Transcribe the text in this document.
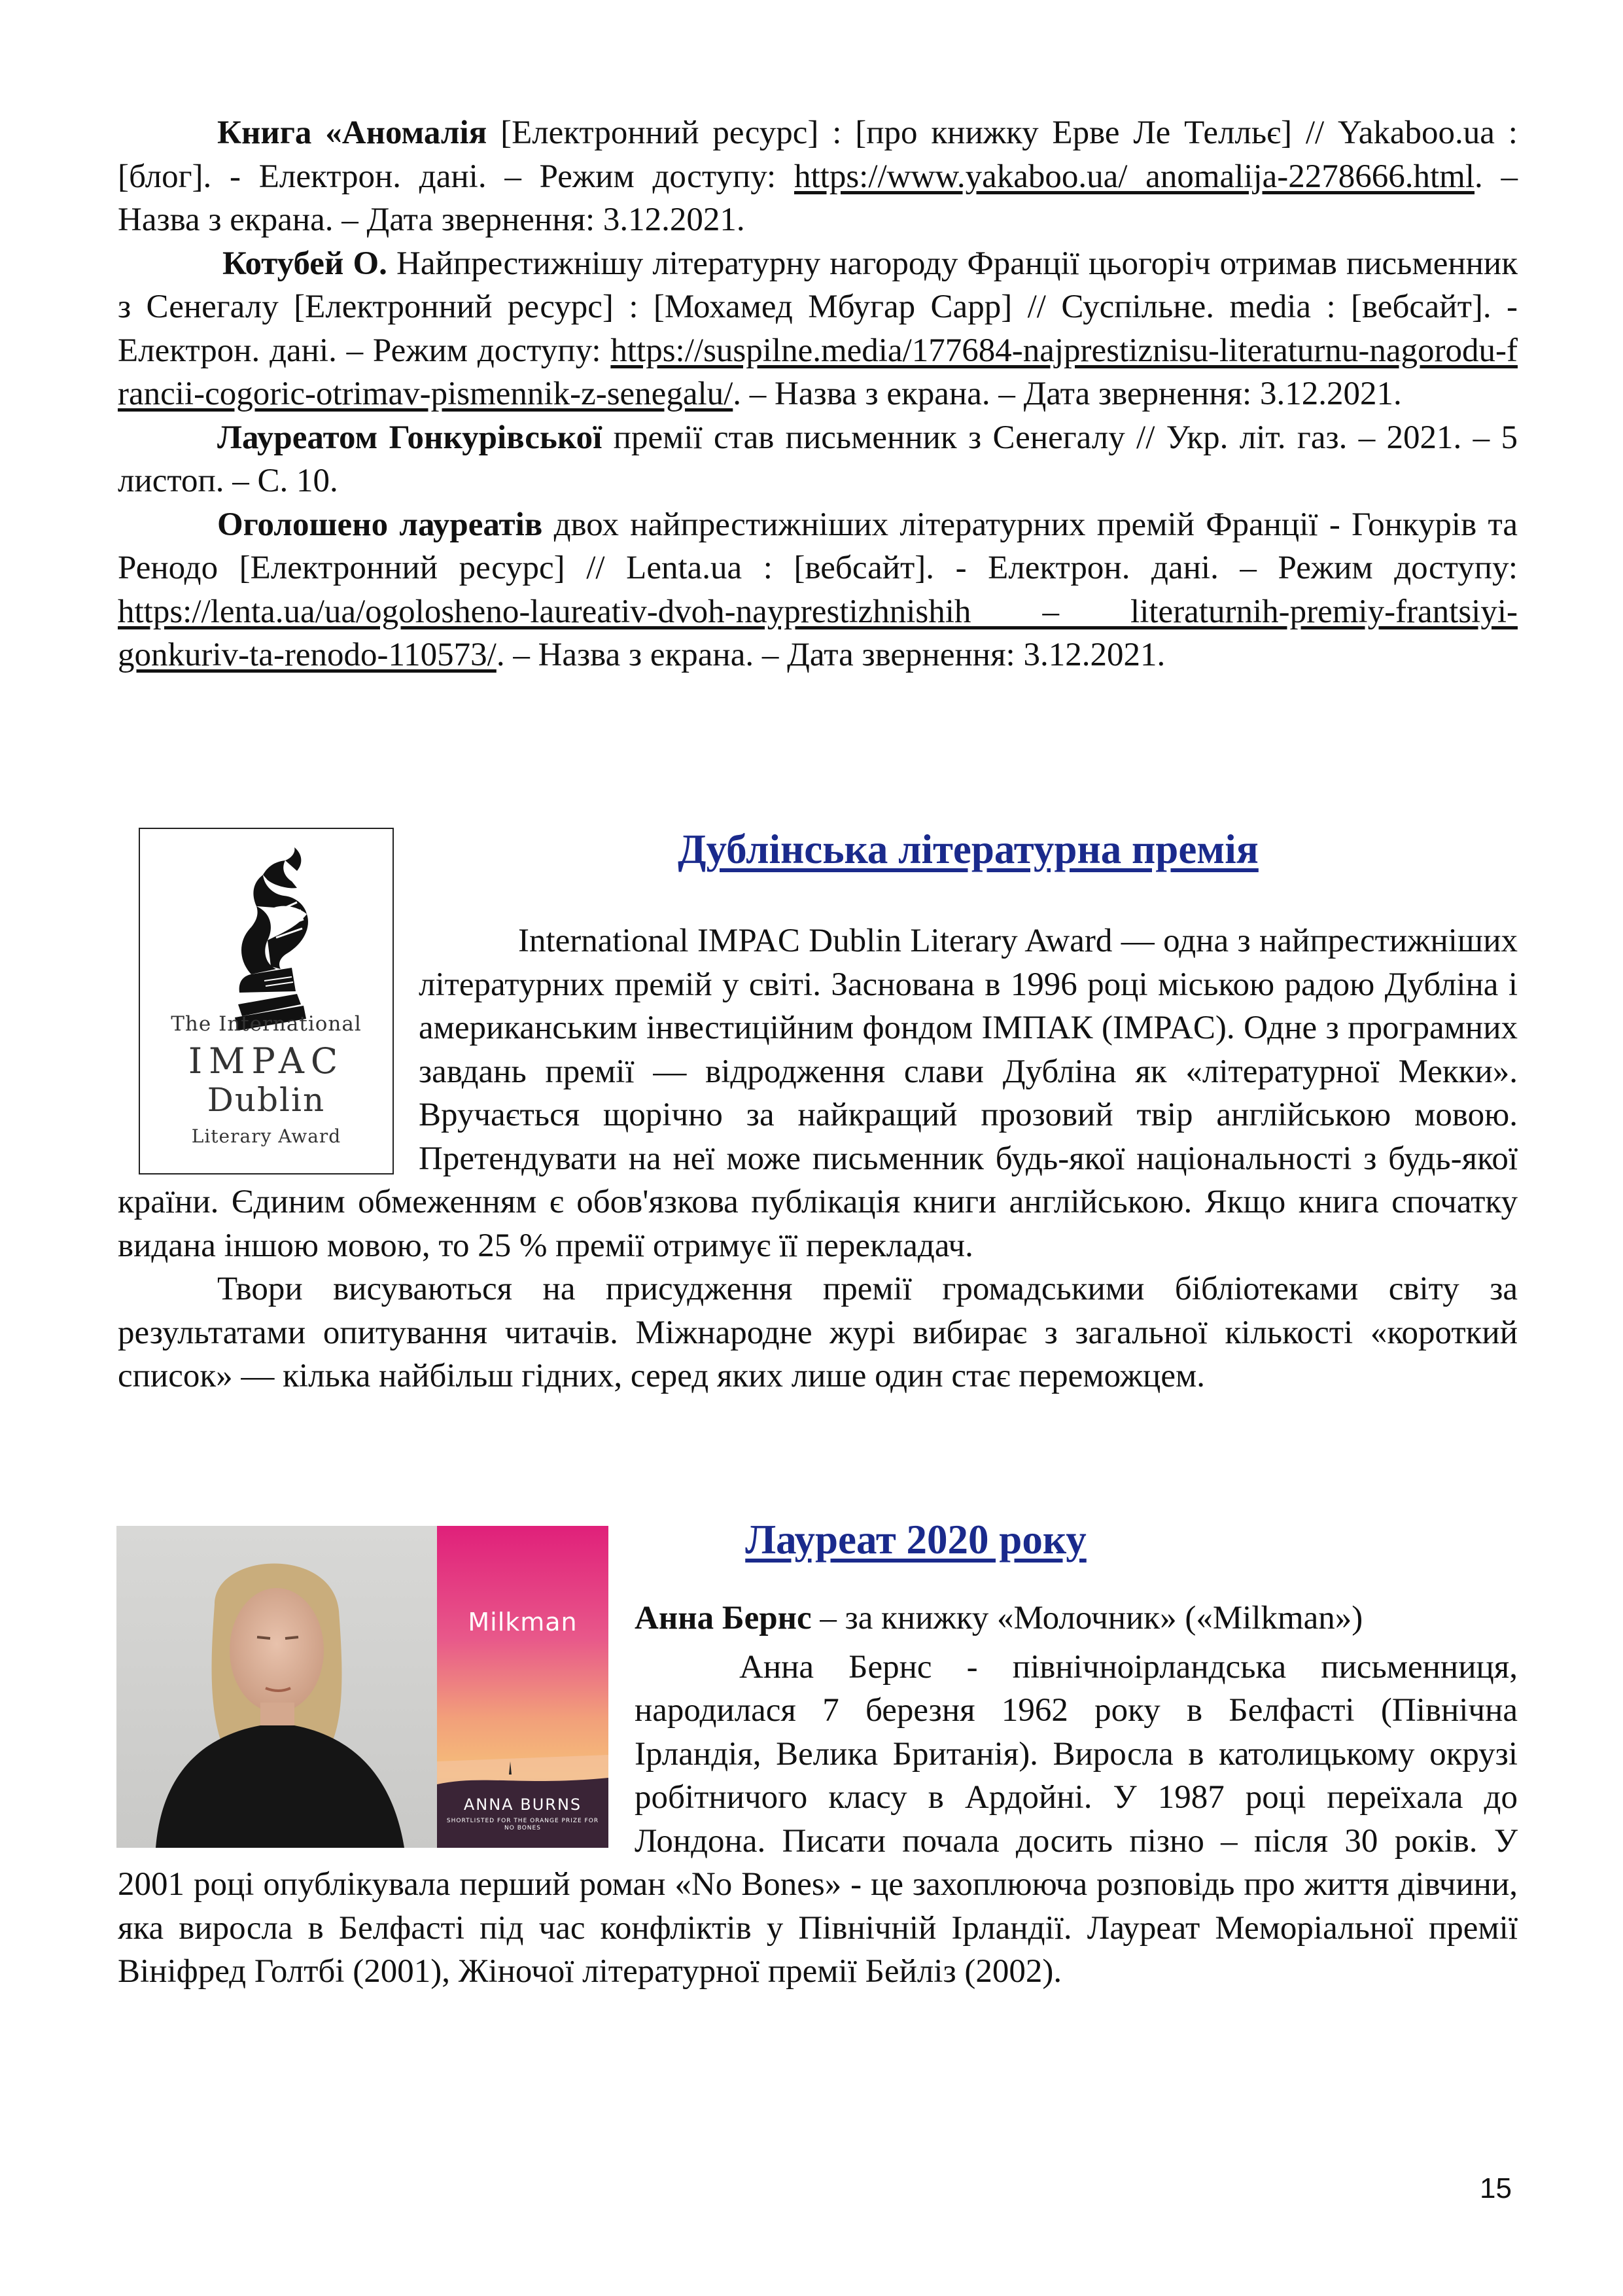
Книга «Аномалія [Електронний ресурс] : [про книжку Ерве Ле Телльє] // Yakaboo.ua : [блог]. - Електрон. дані. – Режим доступу: https://www.yakaboo.ua/ anomalija-2278666.html. – Назва з екрана. – Дата звернення: 3.12.2021.

Котубей О. Найпрестижнішу літературну нагороду Франції цьогоріч отримав письменник з Сенегалу [Електронний ресурс] : [Мохамед Мбугар Сарр] // Суспільне. media : [вебсайт]. - Електрон. дані. – Режим доступу: https://suspilne.media/177684-najprestiznisu-literaturnu-nagorodu-francii-cogoric-otrimav-pismennik-z-senegalu/. – Назва з екрана. – Дата звернення: 3.12.2021.

Лауреатом Гонкурівської премії став письменник з Сенегалу // Укр. літ. газ. – 2021. – 5 листоп. – С. 10.

Оголошено лауреатів двох найпрестижніших літературних премій Франції - Гонкурів та Ренодо [Електронний ресурс] // Lenta.ua : [вебсайт]. - Електрон. дані. – Режим доступу: https://lenta.ua/ua/ogolosheno-laureativ-dvoh-nayprestizhnishih – literaturnih-premiy-frantsiyi-gonkuriv-ta-renodo-110573/. – Назва з екрана. – Дата звернення: 3.12.2021.

Дублінська літературна премія
The International
IMPAC
Dublin
Literary Award

International IMPAC Dublin Literary Award — одна з найпрестижніших літературних премій у світі. Заснована в 1996 році міською радою Дубліна і американським інвестиційним фондом ІМПАК (IMPAC). Одне з програмних завдань премії — відродження слави Дубліна як «літературної Мекки». Вручається щорічно за найкращий прозовий твір англійською мовою. Претендувати на неї може письменник будь-якої національності з будь-якої країни. Єдиним обмеженням є обов'язкова публікація книги англійською. Якщо книга спочатку видана іншою мовою, то 25 % премії отримує її перекладач.

Твори висуваються на присудження премії громадськими бібліотеками світу за результатами опитування читачів. Міжнародне журі вибирає з загальної кількості «короткий список» — кілька найбільш гідних, серед яких лише один стає переможцем.

Milkman
ANNA BURNS
SHORTLISTED FOR THE ORANGE PRIZE FOR NO BONES
Лауреат 2020 року

Анна Бернс – за книжку «Молочник» («Milkman»)

Анна Бернс - північноірландська письменниця, народилася 7 березня 1962 року в Белфасті (Північна Ірландія, Велика Британія). Виросла в католицькому окрузі робітничого класу в Ардойні. У 1987 році переїхала до Лондона. Писати почала досить пізно – після 30 років. У 2001 році опублікувала перший роман «No Bones» - це захоплююча розповідь про життя дівчини, яка виросла в Белфасті під час конфліктів у Північній Ірландії. Лауреат Меморіальної премії Вініфред Голтбі (2001), Жіночої літературної премії Бейліз (2002).

15
